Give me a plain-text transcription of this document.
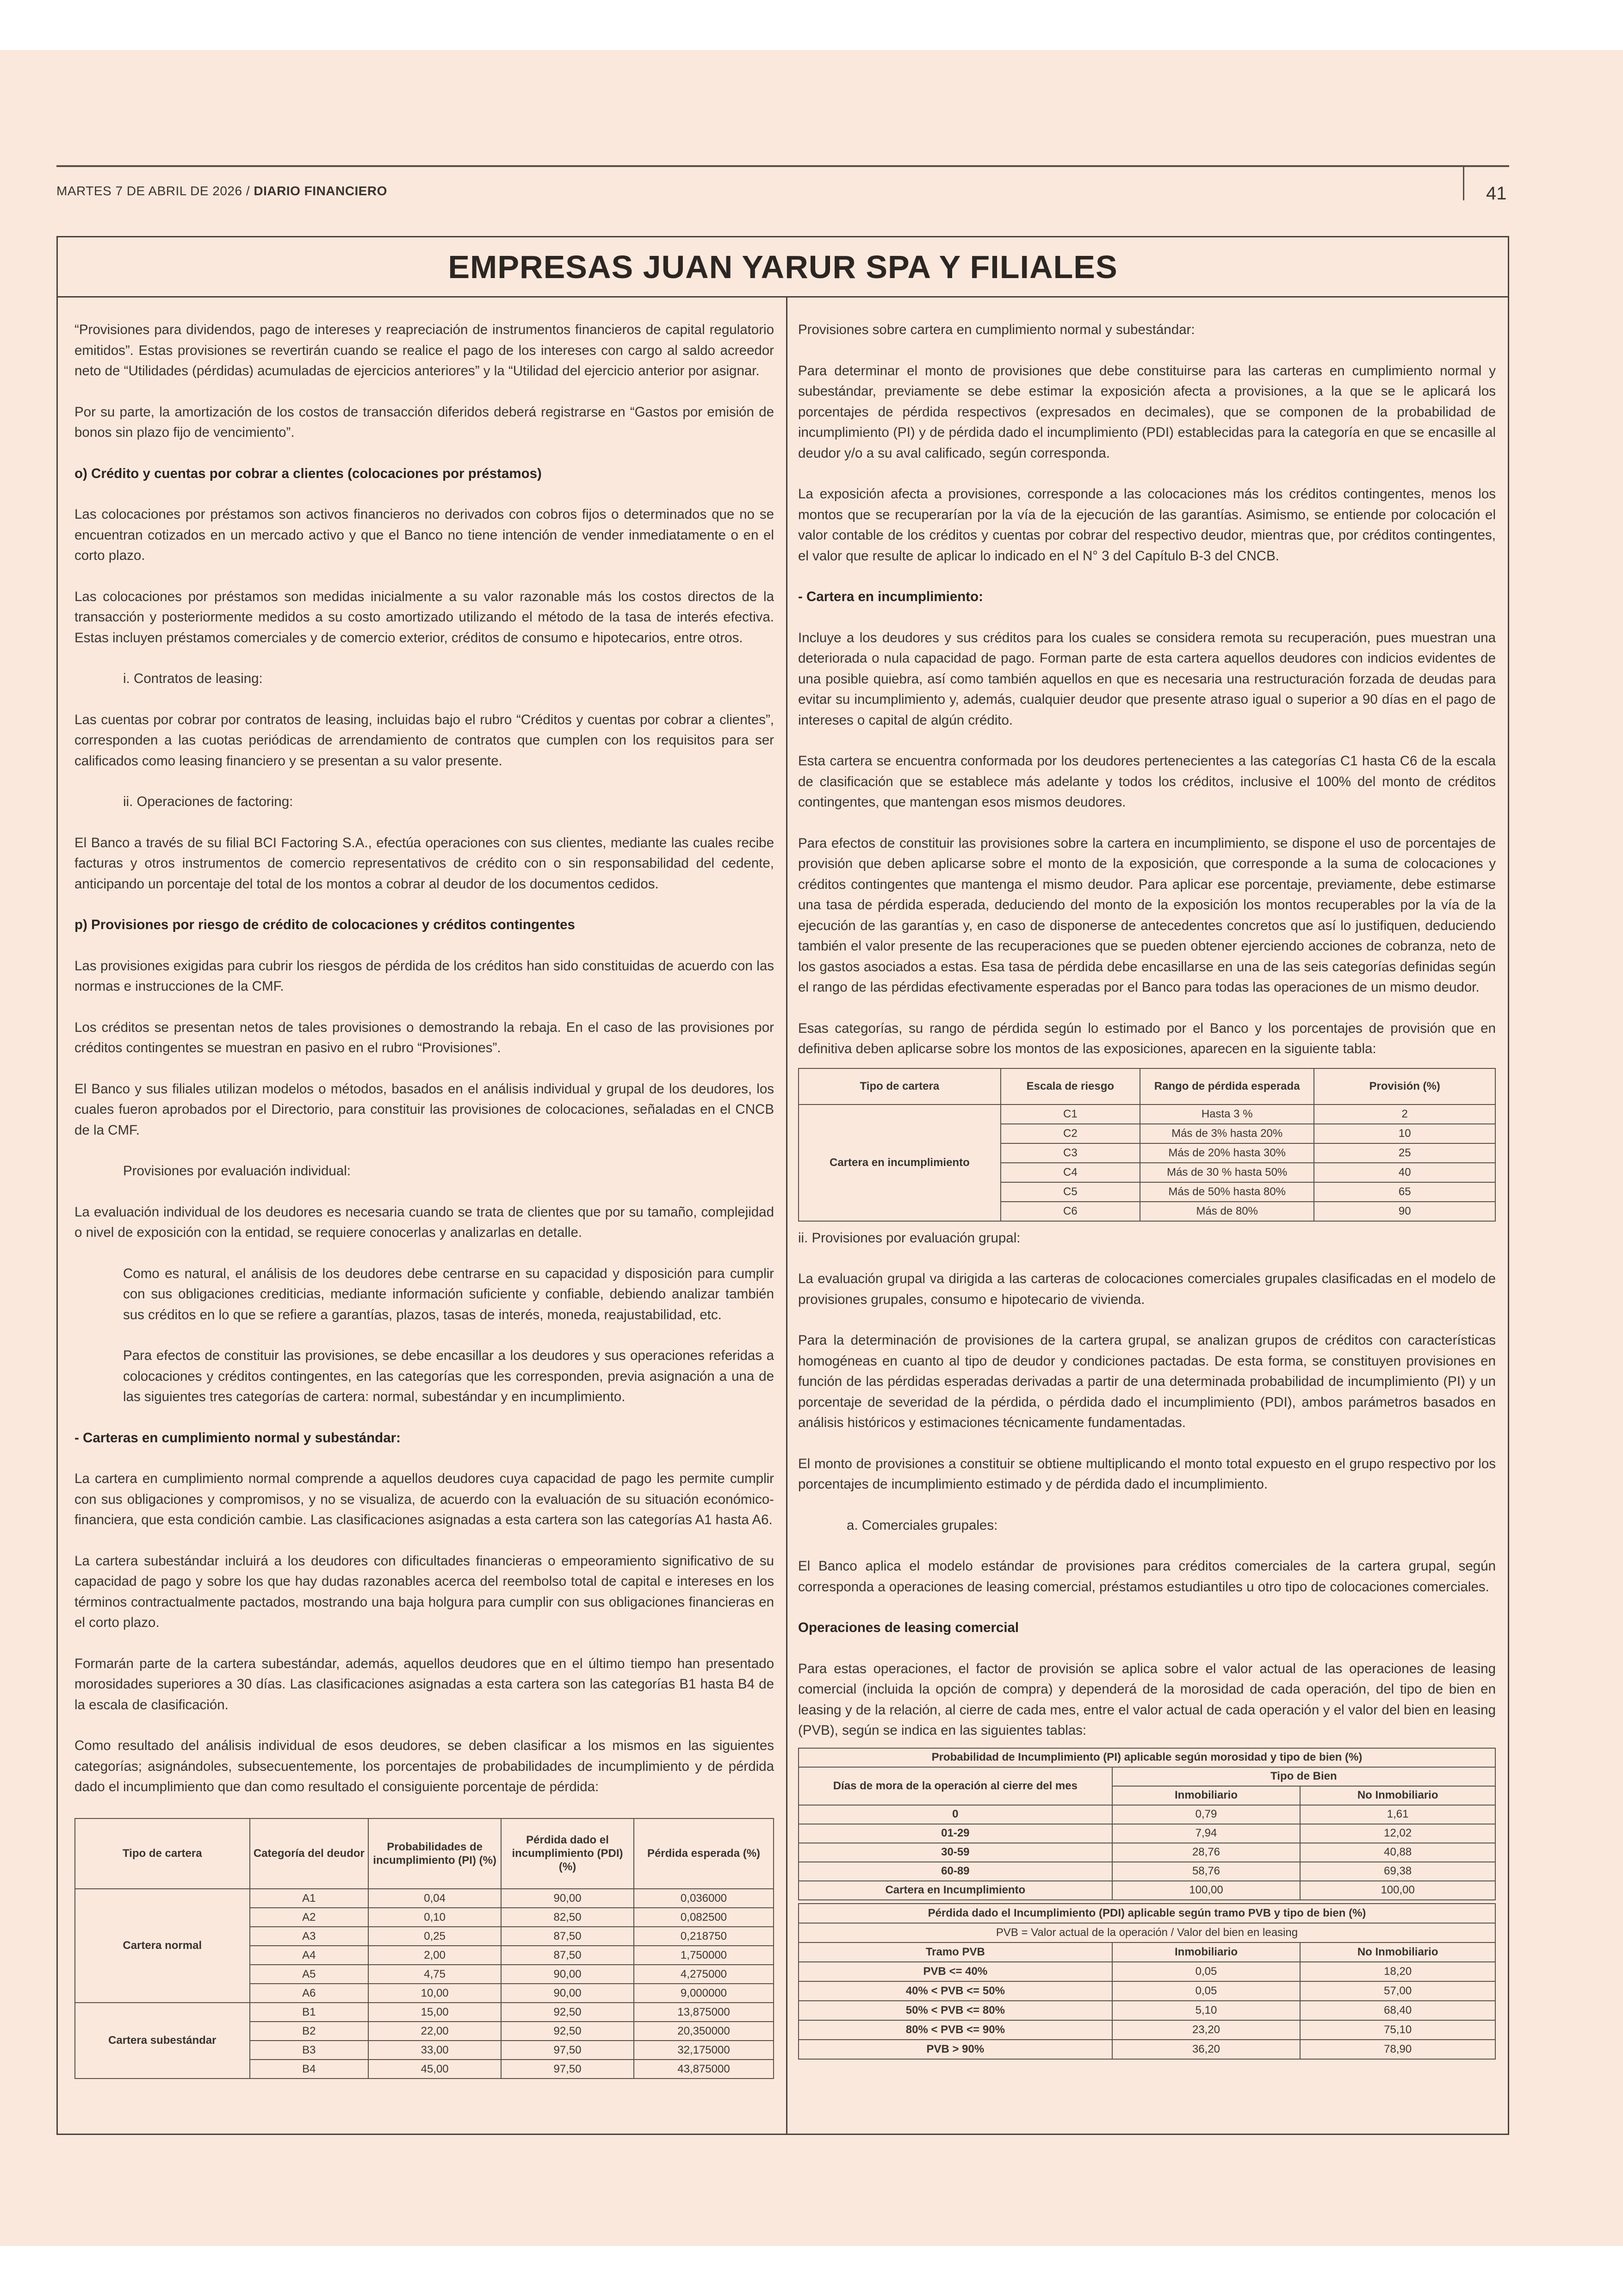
MARTES 7 DE ABRIL DE 2026 / DIARIO FINANCIERO	41
EMPRESAS JUAN YARUR SPA Y FILIALES

“Provisiones para dividendos, pago de intereses y reapreciación de instrumentos financieros de capital regulatorio emitidos”. Estas provisiones se revertirán cuando se realice el pago de los intereses con cargo al saldo acreedor neto de “Utilidades (pérdidas) acumuladas de ejercicios anteriores” y la “Utilidad del ejercicio anterior por asignar.

Por su parte, la amortización de los costos de transacción diferidos deberá registrarse en “Gastos por emisión de bonos sin plazo fijo de vencimiento”.

o) Crédito y cuentas por cobrar a clientes (colocaciones por préstamos)

Las colocaciones por préstamos son activos financieros no derivados con cobros fijos o determinados que no se encuentran cotizados en un mercado activo y que el Banco no tiene intención de vender inmediatamente o en el corto plazo.

Las colocaciones por préstamos son medidas inicialmente a su valor razonable más los costos directos de la transacción y posteriormente medidos a su costo amortizado utilizando el método de la tasa de interés efectiva. Estas incluyen préstamos comerciales y de comercio exterior, créditos de consumo e hipotecarios, entre otros.

i. Contratos de leasing:

Las cuentas por cobrar por contratos de leasing, incluidas bajo el rubro “Créditos y cuentas por cobrar a clientes”, corresponden a las cuotas periódicas de arrendamiento de contratos que cumplen con los requisitos para ser calificados como leasing financiero y se presentan a su valor presente.

ii. Operaciones de factoring:

El Banco a través de su filial BCI Factoring S.A., efectúa operaciones con sus clientes, mediante las cuales recibe facturas y otros instrumentos de comercio representativos de crédito con o sin responsabilidad del cedente, anticipando un porcentaje del total de los montos a cobrar al deudor de los documentos cedidos.

p) Provisiones por riesgo de crédito de colocaciones y créditos contingentes

Las provisiones exigidas para cubrir los riesgos de pérdida de los créditos han sido constituidas de acuerdo con las normas e instrucciones de la CMF.

Los créditos se presentan netos de tales provisiones o demostrando la rebaja. En el caso de las provisiones por créditos contingentes se muestran en pasivo en el rubro “Provisiones”.

El Banco y sus filiales utilizan modelos o métodos, basados en el análisis individual y grupal de los deudores, los cuales fueron aprobados por el Directorio, para constituir las provisiones de colocaciones, señaladas en el CNCB de la CMF.

Provisiones por evaluación individual:

La evaluación individual de los deudores es necesaria cuando se trata de clientes que por su tamaño, complejidad o nivel de exposición con la entidad, se requiere conocerlas y analizarlas en detalle.

Como es natural, el análisis de los deudores debe centrarse en su capacidad y disposición para cumplir con sus obligaciones crediticias, mediante información suficiente y confiable, debiendo analizar también sus créditos en lo que se refiere a garantías, plazos, tasas de interés, moneda, reajustabilidad, etc.

Para efectos de constituir las provisiones, se debe encasillar a los deudores y sus operaciones referidas a colocaciones y créditos contingentes, en las categorías que les corresponden, previa asignación a una de las siguientes tres categorías de cartera: normal, subestándar y en incumplimiento.

- Carteras en cumplimiento normal y subestándar:

La cartera en cumplimiento normal comprende a aquellos deudores cuya capacidad de pago les permite cumplir con sus obligaciones y compromisos, y no se visualiza, de acuerdo con la evaluación de su situación económico-financiera, que esta condición cambie. Las clasificaciones asignadas a esta cartera son las categorías A1 hasta A6.

La cartera subestándar incluirá a los deudores con dificultades financieras o empeoramiento significativo de su capacidad de pago y sobre los que hay dudas razonables acerca del reembolso total de capital e intereses en los términos contractualmente pactados, mostrando una baja holgura para cumplir con sus obligaciones financieras en el corto plazo.

Formarán parte de la cartera subestándar, además, aquellos deudores que en el último tiempo han presentado morosidades superiores a 30 días. Las clasificaciones asignadas a esta cartera son las categorías B1 hasta B4 de la escala de clasificación.

Como resultado del análisis individual de esos deudores, se deben clasificar a los mismos en las siguientes categorías; asignándoles, subsecuentemente, los porcentajes de probabilidades de incumplimiento y de pérdida dado el incumplimiento que dan como resultado el consiguiente porcentaje de pérdida:

Tipo de cartera	Categoría del deudor	Probabilidades de incumplimiento (PI) (%)	Pérdida dado el incumplimiento (PDI) (%)	Pérdida esperada (%)
Cartera normal	A1	0,04	90,00	0,036000
	A2	0,10	82,50	0,082500
	A3	0,25	87,50	0,218750
	A4	2,00	87,50	1,750000
	A5	4,75	90,00	4,275000
	A6	10,00	90,00	9,000000
Cartera subestándar	B1	15,00	92,50	13,875000
	B2	22,00	92,50	20,350000
	B3	33,00	97,50	32,175000
	B4	45,00	97,50	43,875000

Provisiones sobre cartera en cumplimiento normal y subestándar:

Para determinar el monto de provisiones que debe constituirse para las carteras en cumplimiento normal y subestándar, previamente se debe estimar la exposición afecta a provisiones, a la que se le aplicará los porcentajes de pérdida respectivos (expresados en decimales), que se componen de la probabilidad de incumplimiento (PI) y de pérdida dado el incumplimiento (PDI) establecidas para la categoría en que se encasille al deudor y/o a su aval calificado, según corresponda.

La exposición afecta a provisiones, corresponde a las colocaciones más los créditos contingentes, menos los montos que se recuperarían por la vía de la ejecución de las garantías. Asimismo, se entiende por colocación el valor contable de los créditos y cuentas por cobrar del respectivo deudor, mientras que, por créditos contingentes, el valor que resulte de aplicar lo indicado en el N° 3 del Capítulo B-3 del CNCB.

- Cartera en incumplimiento:

Incluye a los deudores y sus créditos para los cuales se considera remota su recuperación, pues muestran una deteriorada o nula capacidad de pago. Forman parte de esta cartera aquellos deudores con indicios evidentes de una posible quiebra, así como también aquellos en que es necesaria una restructuración forzada de deudas para evitar su incumplimiento y, además, cualquier deudor que presente atraso igual o superior a 90 días en el pago de intereses o capital de algún crédito.

Esta cartera se encuentra conformada por los deudores pertenecientes a las categorías C1 hasta C6 de la escala de clasificación que se establece más adelante y todos los créditos, inclusive el 100% del monto de créditos contingentes, que mantengan esos mismos deudores.

Para efectos de constituir las provisiones sobre la cartera en incumplimiento, se dispone el uso de porcentajes de provisión que deben aplicarse sobre el monto de la exposición, que corresponde a la suma de colocaciones y créditos contingentes que mantenga el mismo deudor. Para aplicar ese porcentaje, previamente, debe estimarse una tasa de pérdida esperada, deduciendo del monto de la exposición los montos recuperables por la vía de la ejecución de las garantías y, en caso de disponerse de antecedentes concretos que así lo justifiquen, deduciendo también el valor presente de las recuperaciones que se pueden obtener ejerciendo acciones de cobranza, neto de los gastos asociados a estas. Esa tasa de pérdida debe encasillarse en una de las seis categorías definidas según el rango de las pérdidas efectivamente esperadas por el Banco para todas las operaciones de un mismo deudor.

Esas categorías, su rango de pérdida según lo estimado por el Banco y los porcentajes de provisión que en definitiva deben aplicarse sobre los montos de las exposiciones, aparecen en la siguiente tabla:

Tipo de cartera	Escala de riesgo	Rango de pérdida esperada	Provisión (%)
Cartera en incumplimiento	C1	Hasta 3 %	2
	C2	Más de 3% hasta 20%	10
	C3	Más de 20% hasta 30%	25
	C4	Más de 30 % hasta 50%	40
	C5	Más de 50% hasta 80%	65
	C6	Más de 80%	90

ii. Provisiones por evaluación grupal:

La evaluación grupal va dirigida a las carteras de colocaciones comerciales grupales clasificadas en el modelo de provisiones grupales, consumo e hipotecario de vivienda.

Para la determinación de provisiones de la cartera grupal, se analizan grupos de créditos con características homogéneas en cuanto al tipo de deudor y condiciones pactadas. De esta forma, se constituyen provisiones en función de las pérdidas esperadas derivadas a partir de una determinada probabilidad de incumplimiento (PI) y un porcentaje de severidad de la pérdida, o pérdida dado el incumplimiento (PDI), ambos parámetros basados en análisis históricos y estimaciones técnicamente fundamentadas.

El monto de provisiones a constituir se obtiene multiplicando el monto total expuesto en el grupo respectivo por los porcentajes de incumplimiento estimado y de pérdida dado el incumplimiento.

a. Comerciales grupales:

El Banco aplica el modelo estándar de provisiones para créditos comerciales de la cartera grupal, según corresponda a operaciones de leasing comercial, préstamos estudiantiles u otro tipo de colocaciones comerciales.

Operaciones de leasing comercial

Para estas operaciones, el factor de provisión se aplica sobre el valor actual de las operaciones de leasing comercial (incluida la opción de compra) y dependerá de la morosidad de cada operación, del tipo de bien en leasing y de la relación, al cierre de cada mes, entre el valor actual de cada operación y el valor del bien en leasing (PVB), según se indica en las siguientes tablas:

Probabilidad de Incumplimiento (PI) aplicable según morosidad y tipo de bien (%)		
Días de mora de la operación al cierre del mes	Tipo de Bien	
	Inmobiliario	No Inmobiliario
0	0,79	1,61
01-29	7,94	12,02
30-59	28,76	40,88
60-89	58,76	69,38
Cartera en Incumplimiento	100,00	100,00
Pérdida dado el Incumplimiento (PDI) aplicable según tramo PVB y tipo de bien (%)		
PVB = Valor actual de la operación / Valor del bien en leasing		
Tramo PVB	Inmobiliario	No Inmobiliario
PVB <= 40%	0,05	18,20
40% < PVB <= 50%	0,05	57,00
50% < PVB <= 80%	5,10	68,40
80% < PVB <= 90%	23,20	75,10
PVB > 90%	36,20	78,90
